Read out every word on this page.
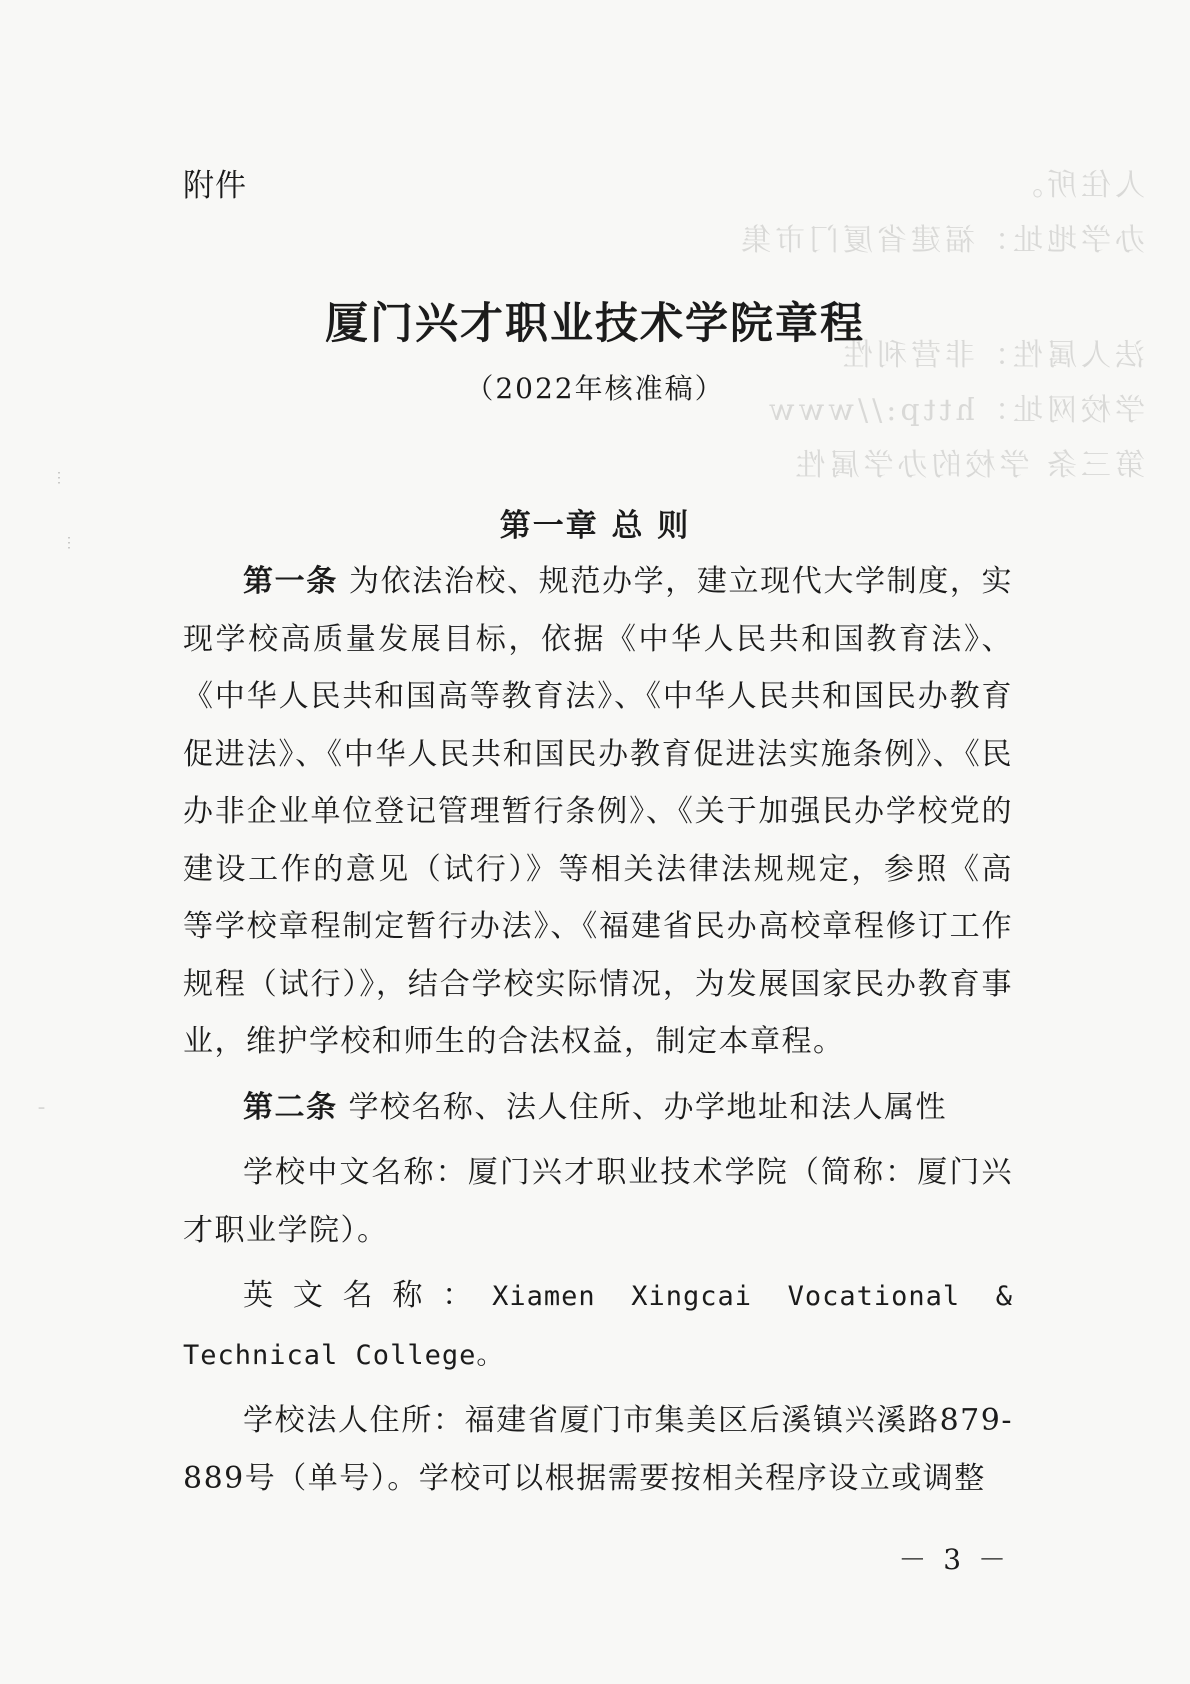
人住所。
办学地址：福建省厦门市集
法人属性：非营利性
学校网址：http://www
第三条 学校的办学属性
⋮
⋮
–
附件
厦门兴才职业技术学院章程
（2022年核准稿）
第一章 总 则

第一条 为依法治校、规范办学，建立现代大学制度，实现学校高质量发展目标，依据《中华人民共和国教育法》、《中华人民共和国高等教育法》、《中华人民共和国民办教育促进法》、《中华人民共和国民办教育促进法实施条例》、《民办非企业单位登记管理暂行条例》、《关于加强民办学校党的建设工作的意见（试行）》等相关法律法规规定，参照《高等学校章程制定暂行办法》、《福建省民办高校章程修订工作规程（试行）》，结合学校实际情况，为发展国家民办教育事业，维护学校和师生的合法权益，制定本章程。

第二条 学校名称、法人住所、办学地址和法人属性

学校中文名称：厦门兴才职业技术学院（简称：厦门兴才职业学院）。

英文名称：Xiamen Xingcai Vocational & Technical College。

学校法人住所：福建省厦门市集美区后溪镇兴溪路879-889号（单号）。学校可以根据需要按相关程序设立或调整

－ 3 －
